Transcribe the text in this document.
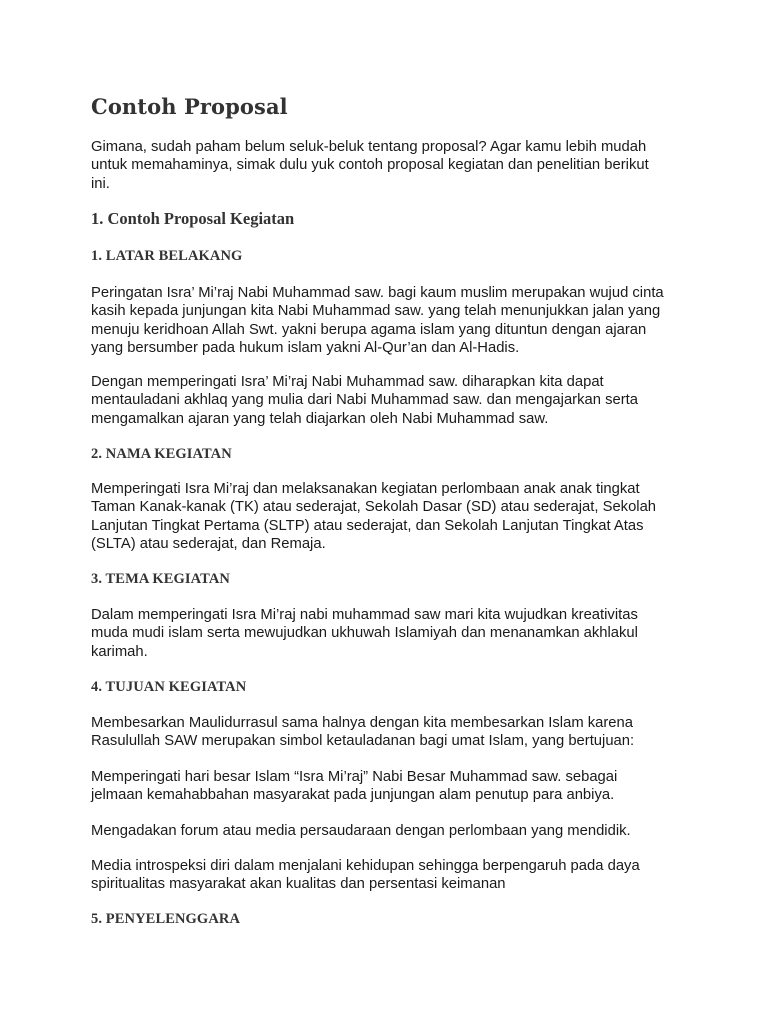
Contoh Proposal

Gimana, sudah paham belum seluk-beluk tentang proposal? Agar kamu lebih mudah
untuk memahaminya, simak dulu yuk contoh proposal kegiatan dan penelitian berikut
ini.

1. Contoh Proposal Kegiatan
1. LATAR BELAKANG

Peringatan Isra’ Mi’raj Nabi Muhammad saw. bagi kaum muslim merupakan wujud cinta
kasih kepada junjungan kita Nabi Muhammad saw. yang telah menunjukkan jalan yang
menuju keridhoan Allah Swt. yakni berupa agama islam yang dituntun dengan ajaran
yang bersumber pada hukum islam yakni Al-Qur’an dan Al-Hadis.

Dengan memperingati Isra’ Mi’raj Nabi Muhammad saw. diharapkan kita dapat
mentauladani akhlaq yang mulia dari Nabi Muhammad saw. dan mengajarkan serta
mengamalkan ajaran yang telah diajarkan oleh Nabi Muhammad saw.

2. NAMA KEGIATAN

Memperingati Isra Mi’raj dan melaksanakan kegiatan perlombaan anak anak tingkat
Taman Kanak-kanak (TK) atau sederajat, Sekolah Dasar (SD) atau sederajat, Sekolah
Lanjutan Tingkat Pertama (SLTP) atau sederajat, dan Sekolah Lanjutan Tingkat Atas
(SLTA) atau sederajat, dan Remaja.

3. TEMA KEGIATAN

Dalam memperingati Isra Mi’raj nabi muhammad saw mari kita wujudkan kreativitas
muda mudi islam serta mewujudkan ukhuwah Islamiyah dan menanamkan akhlakul
karimah.

4. TUJUAN KEGIATAN

Membesarkan Maulidurrasul sama halnya dengan kita membesarkan Islam karena
Rasulullah SAW merupakan simbol ketauladanan bagi umat Islam, yang bertujuan:

Memperingati hari besar Islam “Isra Mi’raj” Nabi Besar Muhammad saw. sebagai
jelmaan kemahabbahan masyarakat pada junjungan alam penutup para anbiya.

Mengadakan forum atau media persaudaraan dengan perlombaan yang mendidik.

Media introspeksi diri dalam menjalani kehidupan sehingga berpengaruh pada daya
spiritualitas masyarakat akan kualitas dan persentasi keimanan

5. PENYELENGGARA
